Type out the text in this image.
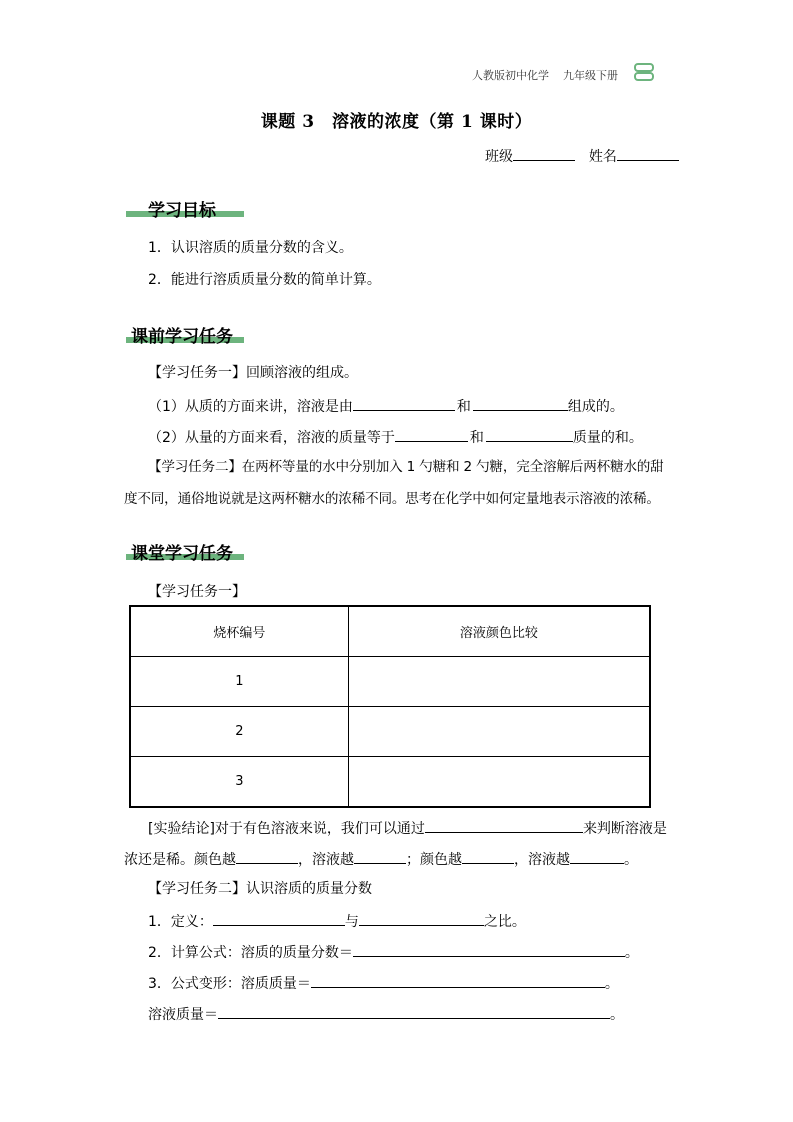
人教版初中化学 九年级下册
课题 3　溶液的浓度（第 1 课时）
班级	姓名
学习目标
1．认识溶质的质量分数的含义。
2．能进行溶质质量分数的简单计算。
课前学习任务
【学习任务一】回顾溶液的组成。
（1）从质的方面来讲，溶液是由	和	组成的。
（2）从量的方面来看，溶液的质量等于	和	质量的和。
【学习任务二】在两杯等量的水中分别加入 1 勺糖和 2 勺糖，完全溶解后两杯糖水的甜
度不同，通俗地说就是这两杯糖水的浓稀不同。思考在化学中如何定量地表示溶液的浓稀。
课堂学习任务
【学习任务一】
烧杯编号	溶液颜色比较
1	
2	
3	
[实验结论]对于有色溶液来说，我们可以通过	来判断溶液是
浓还是稀。颜色越	，溶液越	；颜色越	，溶液越	。
【学习任务二】认识溶质的质量分数
1．定义：	与	之比。
2．计算公式：溶质的质量分数＝	。
3．公式变形：溶质质量＝	。
溶液质量＝	。
